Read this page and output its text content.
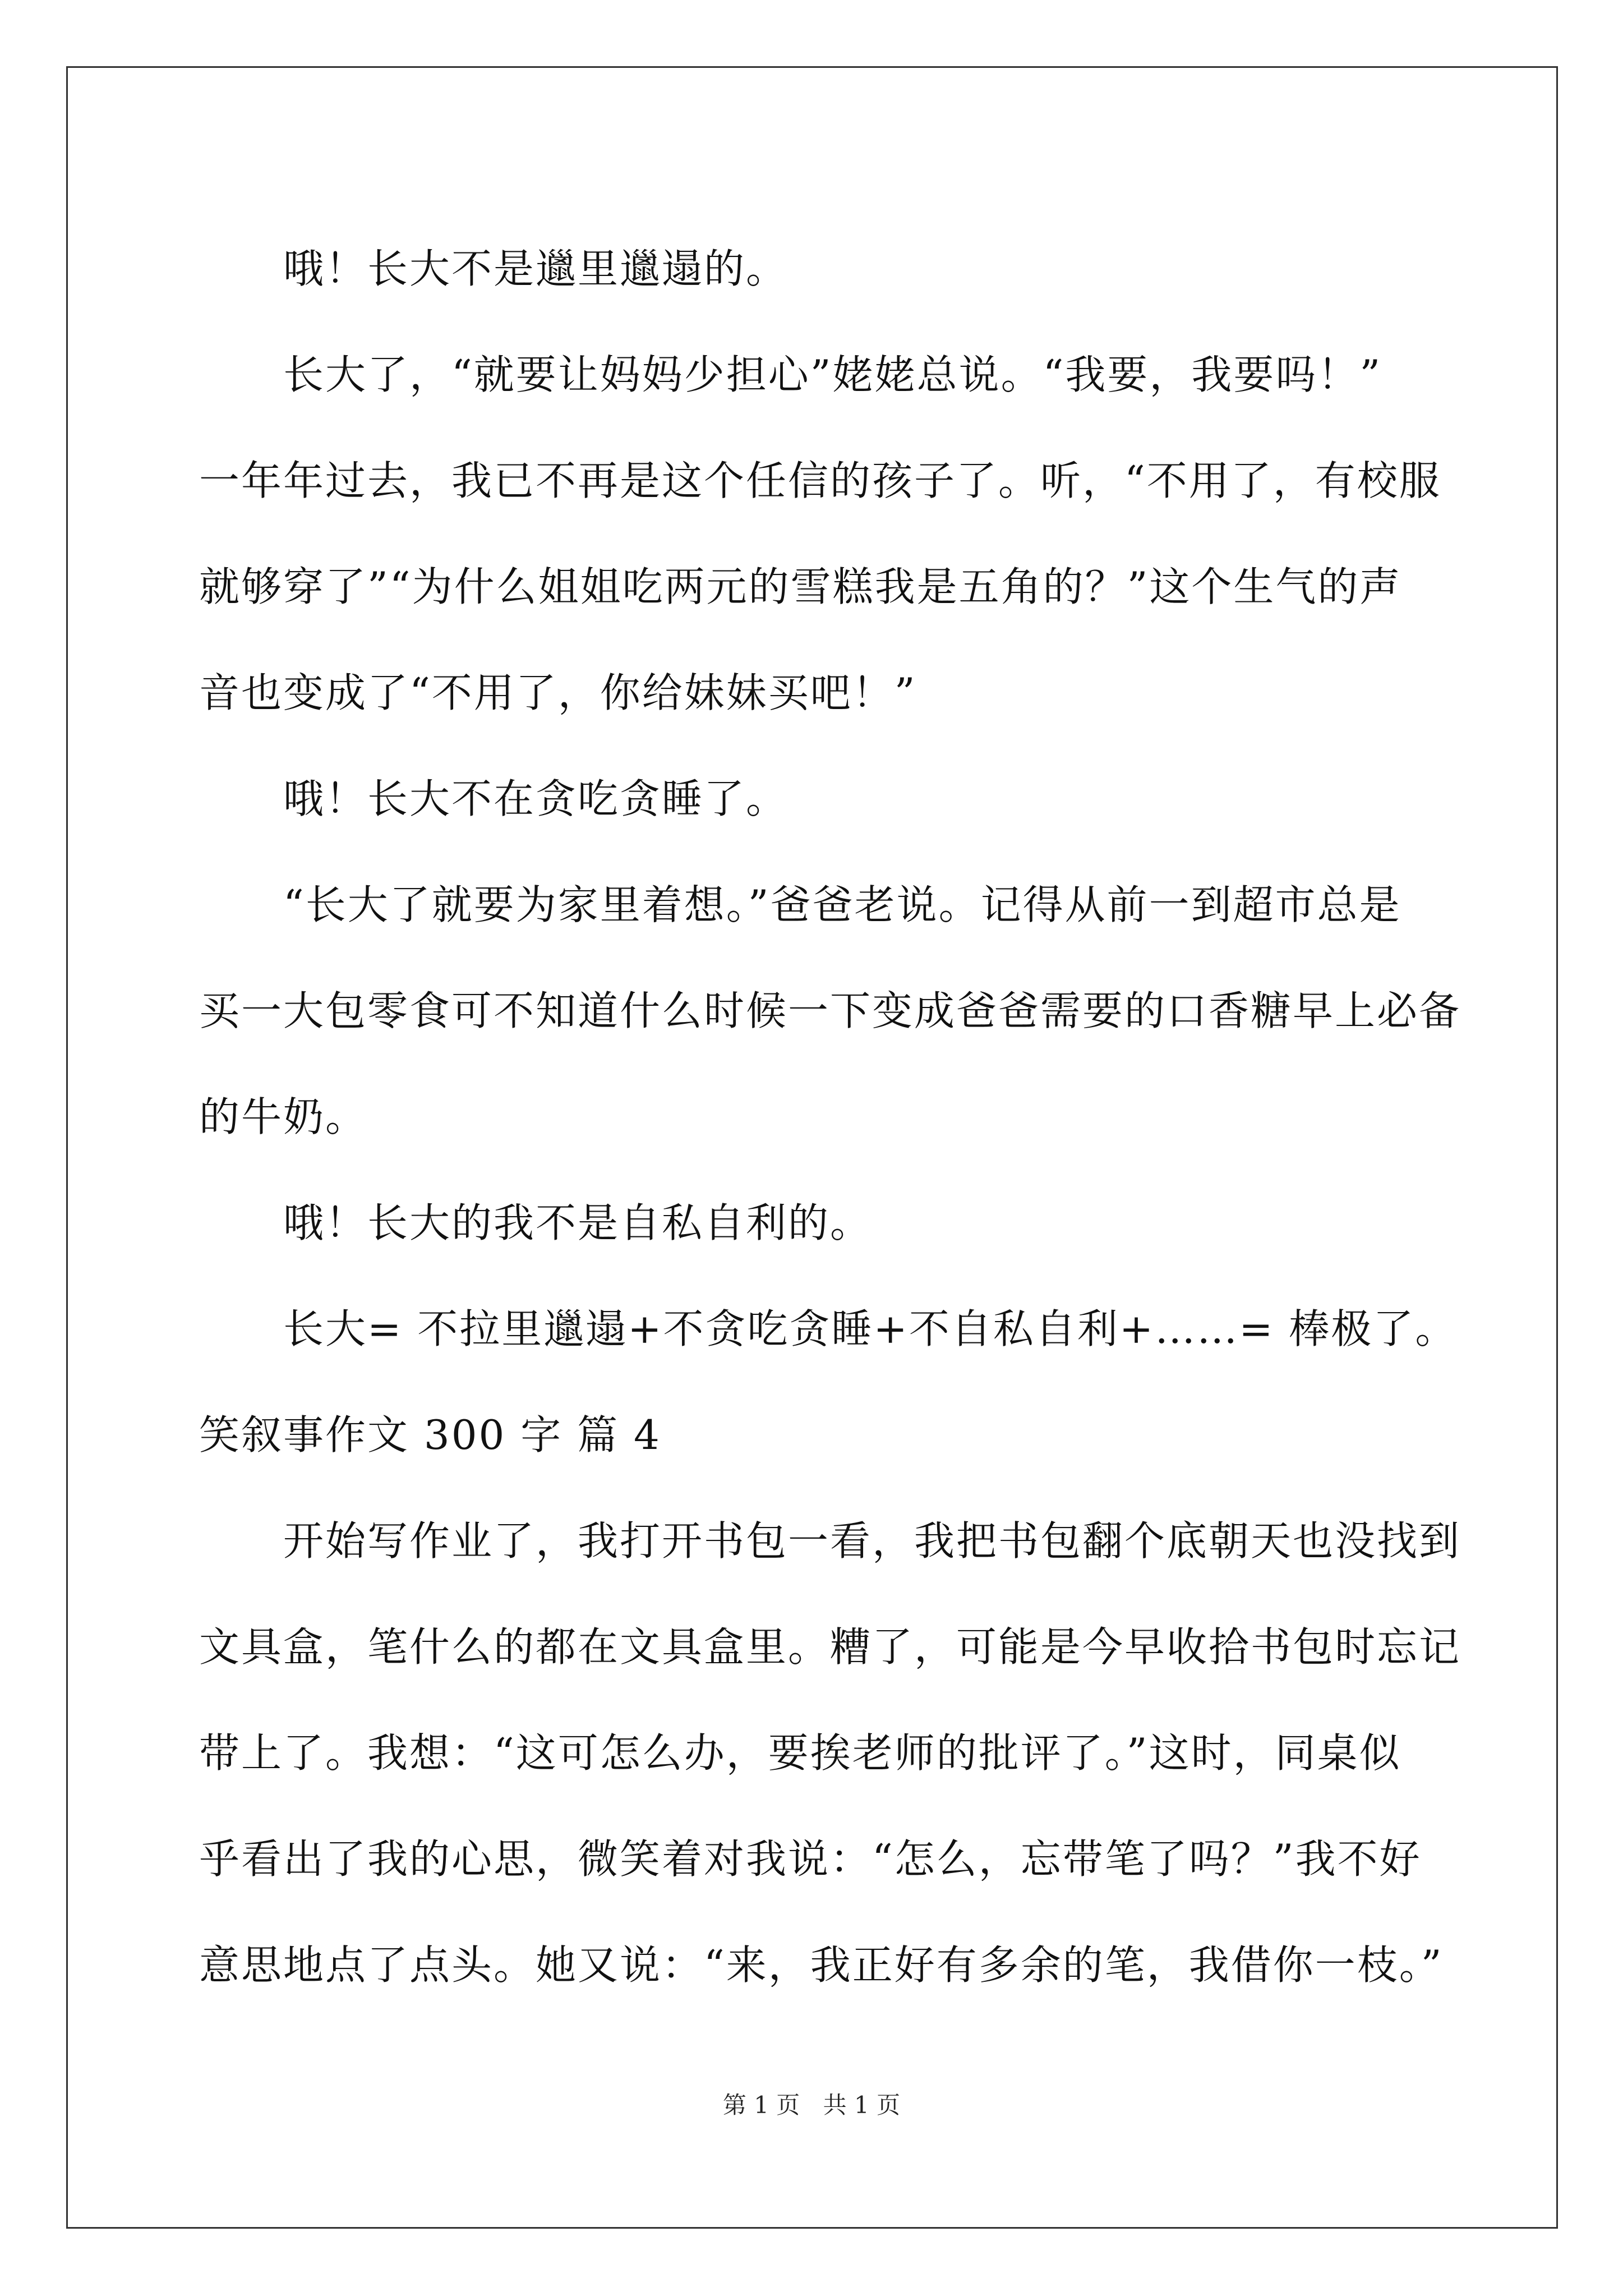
哦！长大不是邋里邋遢的。
长大了，“就要让妈妈少担心”姥姥总说。“我要，我要吗！”
一年年过去，我已不再是这个任信的孩子了。听，“不用了，有校服
就够穿了”“为什么姐姐吃两元的雪糕我是五角的？”这个生气的声
音也变成了“不用了，你给妹妹买吧！”
哦！长大不在贪吃贪睡了。
“长大了就要为家里着想。”爸爸老说。记得从前一到超市总是
买一大包零食可不知道什么时候一下变成爸爸需要的口香糖早上必备
的牛奶。
哦！长大的我不是自私自利的。
长大= 不拉里邋遢+不贪吃贪睡+不自私自利+……= 棒极了。
笑叙事作文 300 字 篇 4
开始写作业了，我打开书包一看，我把书包翻个底朝天也没找到
文具盒，笔什么的都在文具盒里。糟了，可能是今早收拾书包时忘记
带上了。我想：“这可怎么办，要挨老师的批评了。”这时，同桌似
乎看出了我的心思，微笑着对我说：“怎么，忘带笔了吗？”我不好
意思地点了点头。她又说：“来，我正好有多余的笔，我借你一枝。”
第 1 页 共 1 页
